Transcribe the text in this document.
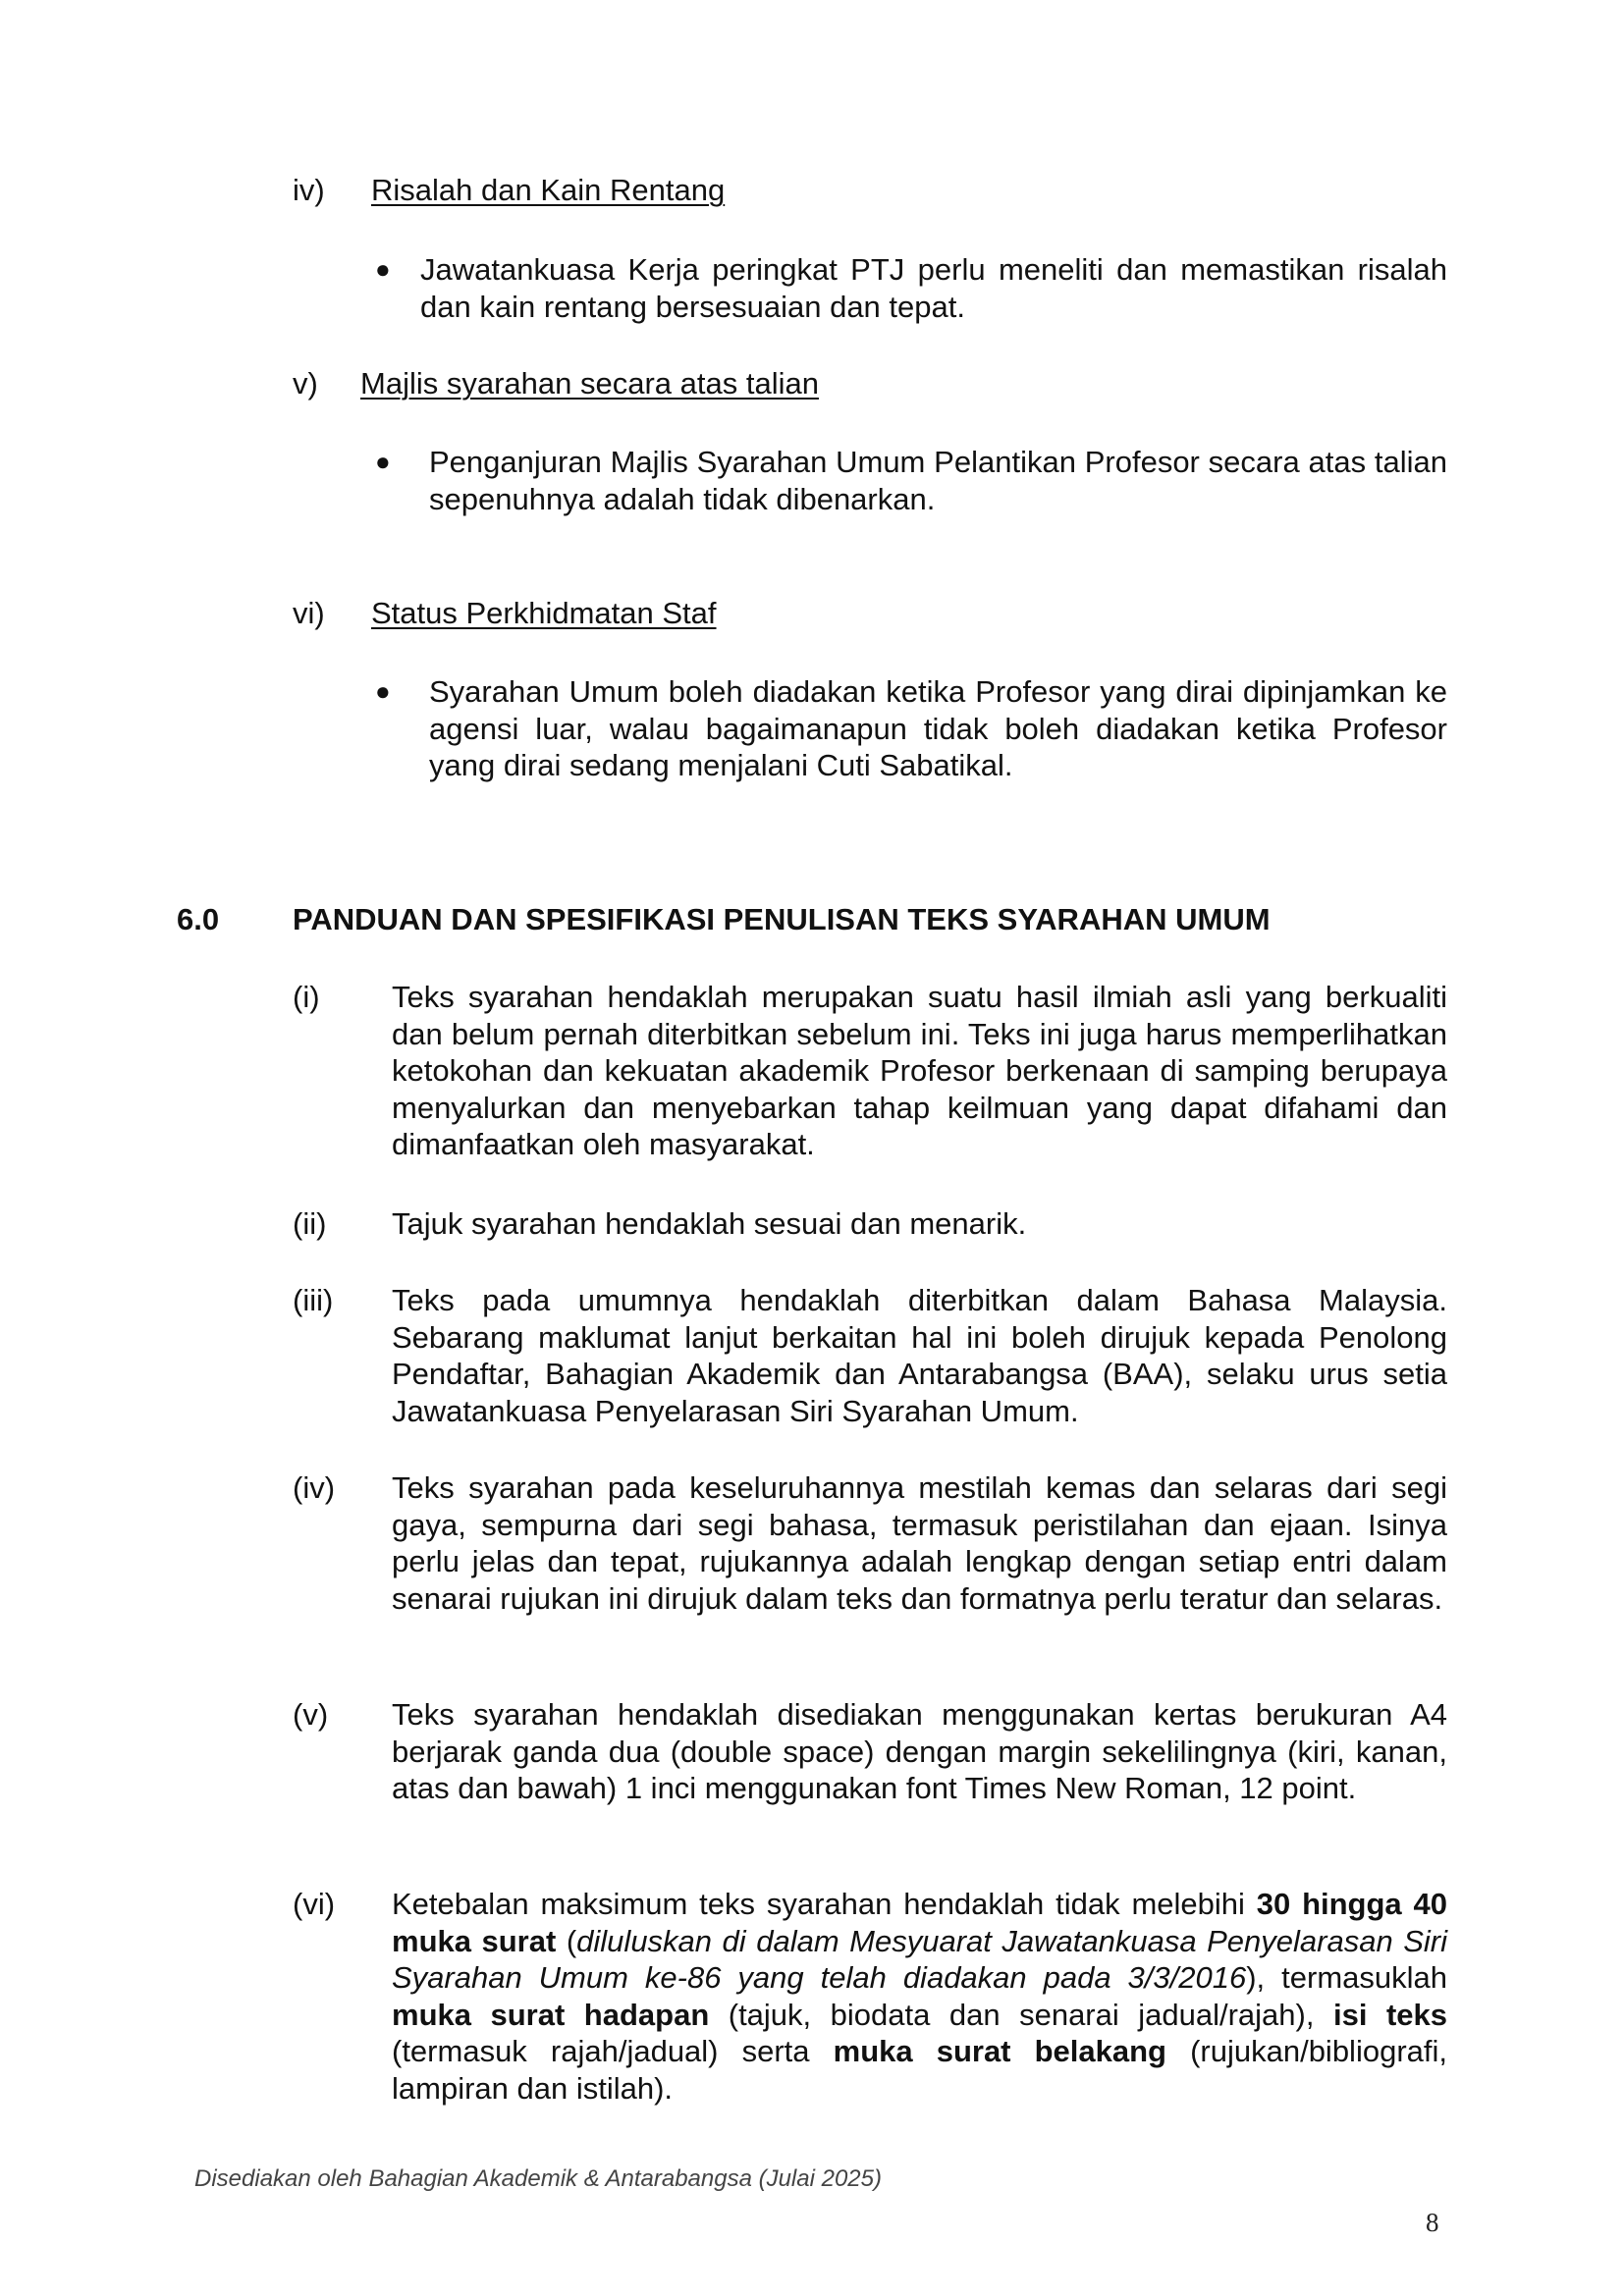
iv) Risalah dan Kain Rentang
● Jawatankuasa Kerja peringkat PTJ perlu meneliti dan memastikan risalah dan kain rentang bersesuaian dan tepat.
v) Majlis syarahan secara atas talian
● Penganjuran Majlis Syarahan Umum Pelantikan Profesor secara atas talian sepenuhnya adalah tidak dibenarkan.
vi) Status Perkhidmatan Staf
● Syarahan Umum boleh diadakan ketika Profesor yang dirai dipinjamkan ke agensi luar, walau bagaimanapun tidak boleh diadakan ketika Profesor yang dirai sedang menjalani Cuti Sabatikal.
6.0 PANDUAN DAN SPESIFIKASI PENULISAN TEKS SYARAHAN UMUM
(i) Teks syarahan hendaklah merupakan suatu hasil ilmiah asli yang berkualiti dan belum pernah diterbitkan sebelum ini. Teks ini juga harus memperlihatkan ketokohan dan kekuatan akademik Profesor berkenaan di samping berupaya menyalurkan dan menyebarkan tahap keilmuan yang dapat difahami dan dimanfaatkan oleh masyarakat.
(ii) Tajuk syarahan hendaklah sesuai dan menarik.
(iii) Teks pada umumnya hendaklah diterbitkan dalam Bahasa Malaysia. Sebarang maklumat lanjut berkaitan hal ini boleh dirujuk kepada Penolong Pendaftar, Bahagian Akademik dan Antarabangsa (BAA), selaku urus setia Jawatankuasa Penyelarasan Siri Syarahan Umum.
(iv) Teks syarahan pada keseluruhannya mestilah kemas dan selaras dari segi gaya, sempurna dari segi bahasa, termasuk peristilahan dan ejaan. Isinya perlu jelas dan tepat, rujukannya adalah lengkap dengan setiap entri dalam senarai rujukan ini dirujuk dalam teks dan formatnya perlu teratur dan selaras.
(v) Teks syarahan hendaklah disediakan menggunakan kertas berukuran A4 berjarak ganda dua (double space) dengan margin sekelilingnya (kiri, kanan, atas dan bawah) 1 inci menggunakan font Times New Roman, 12 point.
(vi) Ketebalan maksimum teks syarahan hendaklah tidak melebihi 30 hingga 40 muka surat (diluluskan di dalam Mesyuarat Jawatankuasa Penyelarasan Siri Syarahan Umum ke-86 yang telah diadakan pada 3/3/2016), termasuklah muka surat hadapan (tajuk, biodata dan senarai jadual/rajah), isi teks (termasuk rajah/jadual) serta muka surat belakang (rujukan/bibliografi, lampiran dan istilah).
Disediakan oleh Bahagian Akademik & Antarabangsa (Julai 2025)
8
